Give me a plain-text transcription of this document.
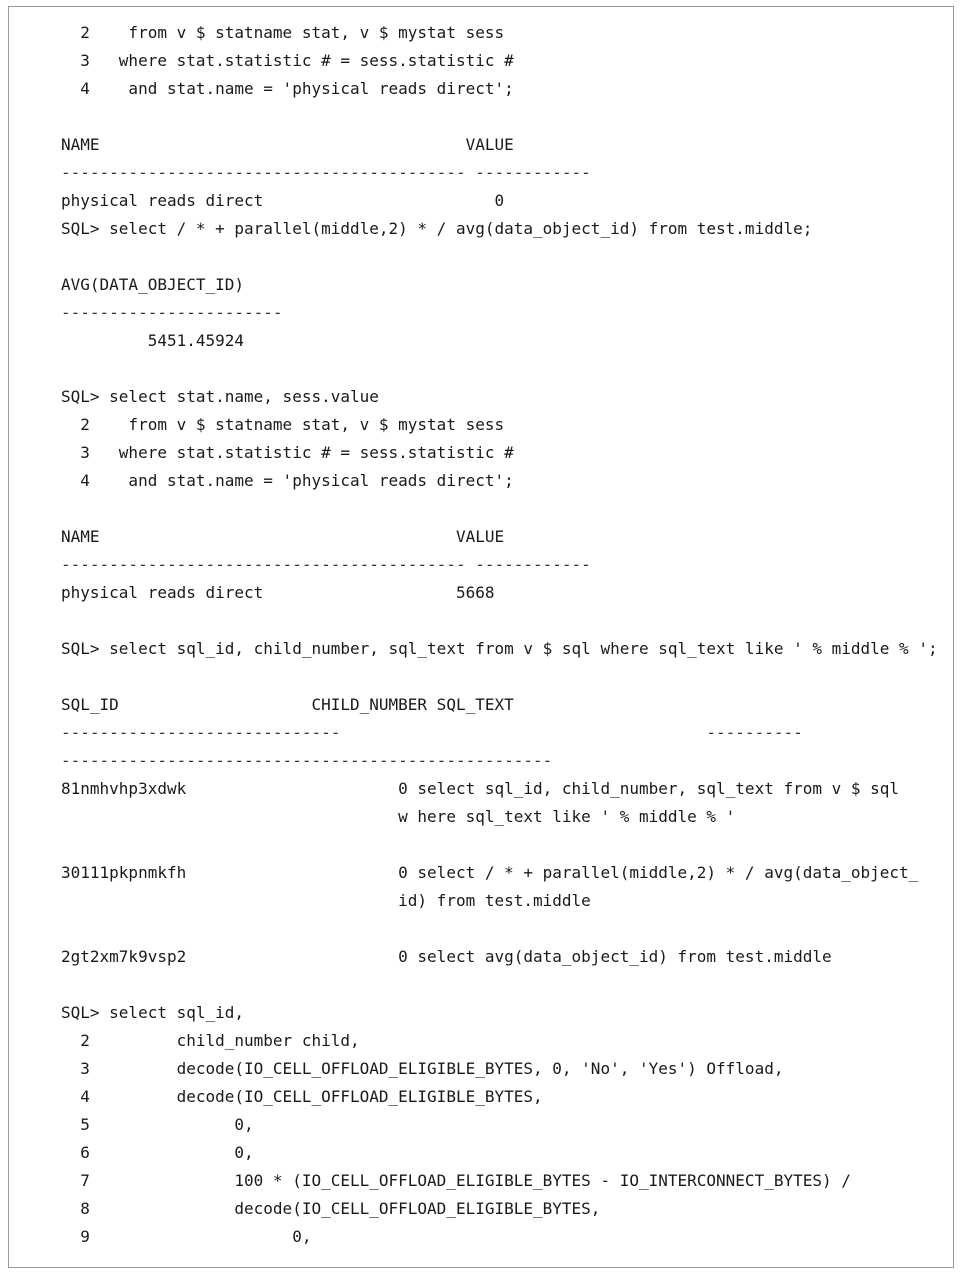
2    from v $ statname stat, v $ mystat sess
3   where stat.statistic # = sess.statistic #
4    and stat.name = 'physical reads direct';
NAME                                      VALUE
------------------------------------------ ------------
physical reads direct                        0
SQL> select / * + parallel(middle,2) * / avg(data_object_id) from test.middle;
AVG(DATA_OBJECT_ID)
-----------------------
5451.45924
SQL> select stat.name, sess.value
2    from v $ statname stat, v $ mystat sess
3   where stat.statistic # = sess.statistic #
4    and stat.name = 'physical reads direct';
NAME                                     VALUE
------------------------------------------ ------------
physical reads direct                    5668
SQL> select sql_id, child_number, sql_text from v $ sql where sql_text like ' % middle % ';
SQL_ID                    CHILD_NUMBER SQL_TEXT
-----------------------------                                      ----------
---------------------------------------------------
81nmhvhp3xdwk                      0 select sql_id, child_number, sql_text from v $ sql
w here sql_text like ' % middle % '
30111pkpnmkfh                      0 select / * + parallel(middle,2) * / avg(data_object_
id) from test.middle
2gt2xm7k9vsp2                      0 select avg(data_object_id) from test.middle
SQL> select sql_id,
2         child_number child,
3         decode(IO_CELL_OFFLOAD_ELIGIBLE_BYTES, 0, 'No', 'Yes') Offload,
4         decode(IO_CELL_OFFLOAD_ELIGIBLE_BYTES,
5               0,
6               0,
7               100 * (IO_CELL_OFFLOAD_ELIGIBLE_BYTES - IO_INTERCONNECT_BYTES) /
8               decode(IO_CELL_OFFLOAD_ELIGIBLE_BYTES,
9                     0,
